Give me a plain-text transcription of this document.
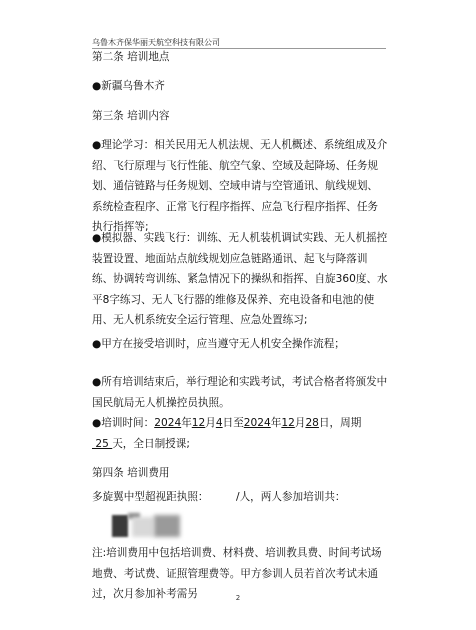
乌鲁木齐保华丽天航空科技有限公司
第二条 培训地点
●新疆乌鲁木齐
第三条 培训内容
●理论学习：相关民用无人机法规、无人机概述、系统组成及介绍、飞行原理与飞行性能、航空气象、空域及起降场、任务规划、通信链路与任务规划、空域申请与空管通讯、航线规划、系统检查程序、正常飞行程序指挥、应急飞行程序指挥、任务执行指挥等;
●模拟器、实践飞行：训练、无人机装机调试实践、无人机摇控装置设置、地面站点航线规划应急链路通讯、起飞与降落训练、协调转弯训练、紧急情况下的操纵和指挥、自旋360度、水平8字练习、无人飞行器的维修及保养、充电设备和电池的使用、无人机系统安全运行管理、应急处置练习;
●甲方在接受培训时，应当遵守无人机安全操作流程；
●所有培训结束后，举行理论和实践考试，考试合格者将颁发中国民航局无人机操控员执照。
●培训时间：2024年12月4日至2024年12月28日，周期 25 天，全日制授课;
第四条 培训费用
多旋翼中型超视距执照：	/人，两人参加培训共：
注:培训费用中包括培训费、材料费、培训教具费、时间考试场地费、考试费、证照管理费等。甲方参训人员若首次考试未通过，次月参加补考需另	2
